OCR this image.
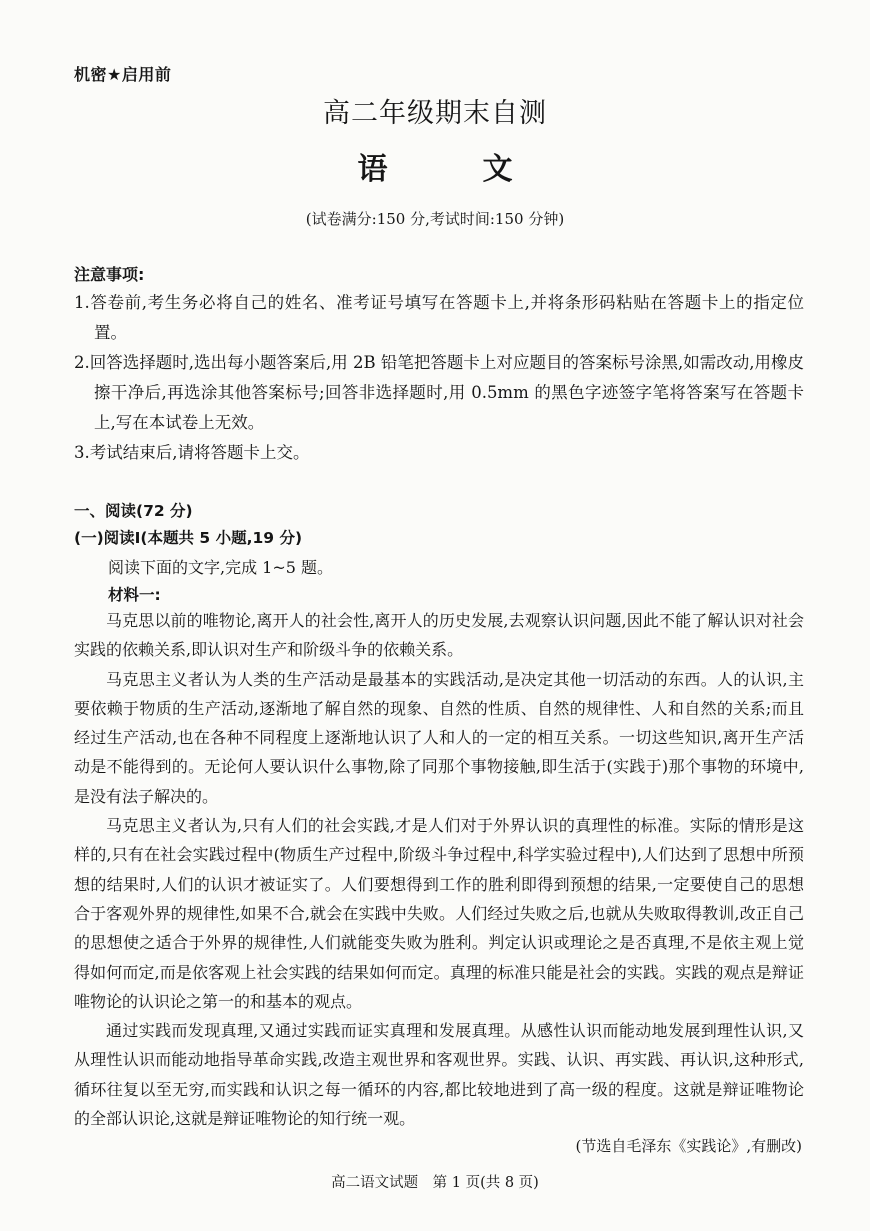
机密★启用前
高二年级期末自测
语	文
(试卷满分:150 分,考试时间:150 分钟)
注意事项:
1.答卷前,考生务必将自己的姓名、准考证号填写在答题卡上,并将条形码粘贴在答题卡上的指定位置。
2.回答选择题时,选出每小题答案后,用 2B 铅笔把答题卡上对应题目的答案标号涂黑,如需改动,用橡皮擦干净后,再选涂其他答案标号;回答非选择题时,用 0.5mm 的黑色字迹签字笔将答案写在答题卡上,写在本试卷上无效。
3.考试结束后,请将答题卡上交。
一、阅读(72 分)
(一)阅读Ⅰ(本题共 5 小题,19 分)
阅读下面的文字,完成 1~5 题。
材料一:

马克思以前的唯物论,离开人的社会性,离开人的历史发展,去观察认识问题,因此不能了解认识对社会实践的依赖关系,即认识对生产和阶级斗争的依赖关系。

马克思主义者认为人类的生产活动是最基本的实践活动,是决定其他一切活动的东西。人的认识,主要依赖于物质的生产活动,逐渐地了解自然的现象、自然的性质、自然的规律性、人和自然的关系;而且经过生产活动,也在各种不同程度上逐渐地认识了人和人的一定的相互关系。一切这些知识,离开生产活动是不能得到的。无论何人要认识什么事物,除了同那个事物接触,即生活于(实践于)那个事物的环境中,是没有法子解决的。

马克思主义者认为,只有人们的社会实践,才是人们对于外界认识的真理性的标准。实际的情形是这样的,只有在社会实践过程中(物质生产过程中,阶级斗争过程中,科学实验过程中),人们达到了思想中所预想的结果时,人们的认识才被证实了。人们要想得到工作的胜利即得到预想的结果,一定要使自己的思想合于客观外界的规律性,如果不合,就会在实践中失败。人们经过失败之后,也就从失败取得教训,改正自己的思想使之适合于外界的规律性,人们就能变失败为胜利。判定认识或理论之是否真理,不是依主观上觉得如何而定,而是依客观上社会实践的结果如何而定。真理的标准只能是社会的实践。实践的观点是辩证唯物论的认识论之第一的和基本的观点。

通过实践而发现真理,又通过实践而证实真理和发展真理。从感性认识而能动地发展到理性认识,又从理性认识而能动地指导革命实践,改造主观世界和客观世界。实践、认识、再实践、再认识,这种形式,循环往复以至无穷,而实践和认识之每一循环的内容,都比较地进到了高一级的程度。这就是辩证唯物论的全部认识论,这就是辩证唯物论的知行统一观。

(节选自毛泽东《实践论》,有删改)
高二语文试题　第 1 页(共 8 页)
